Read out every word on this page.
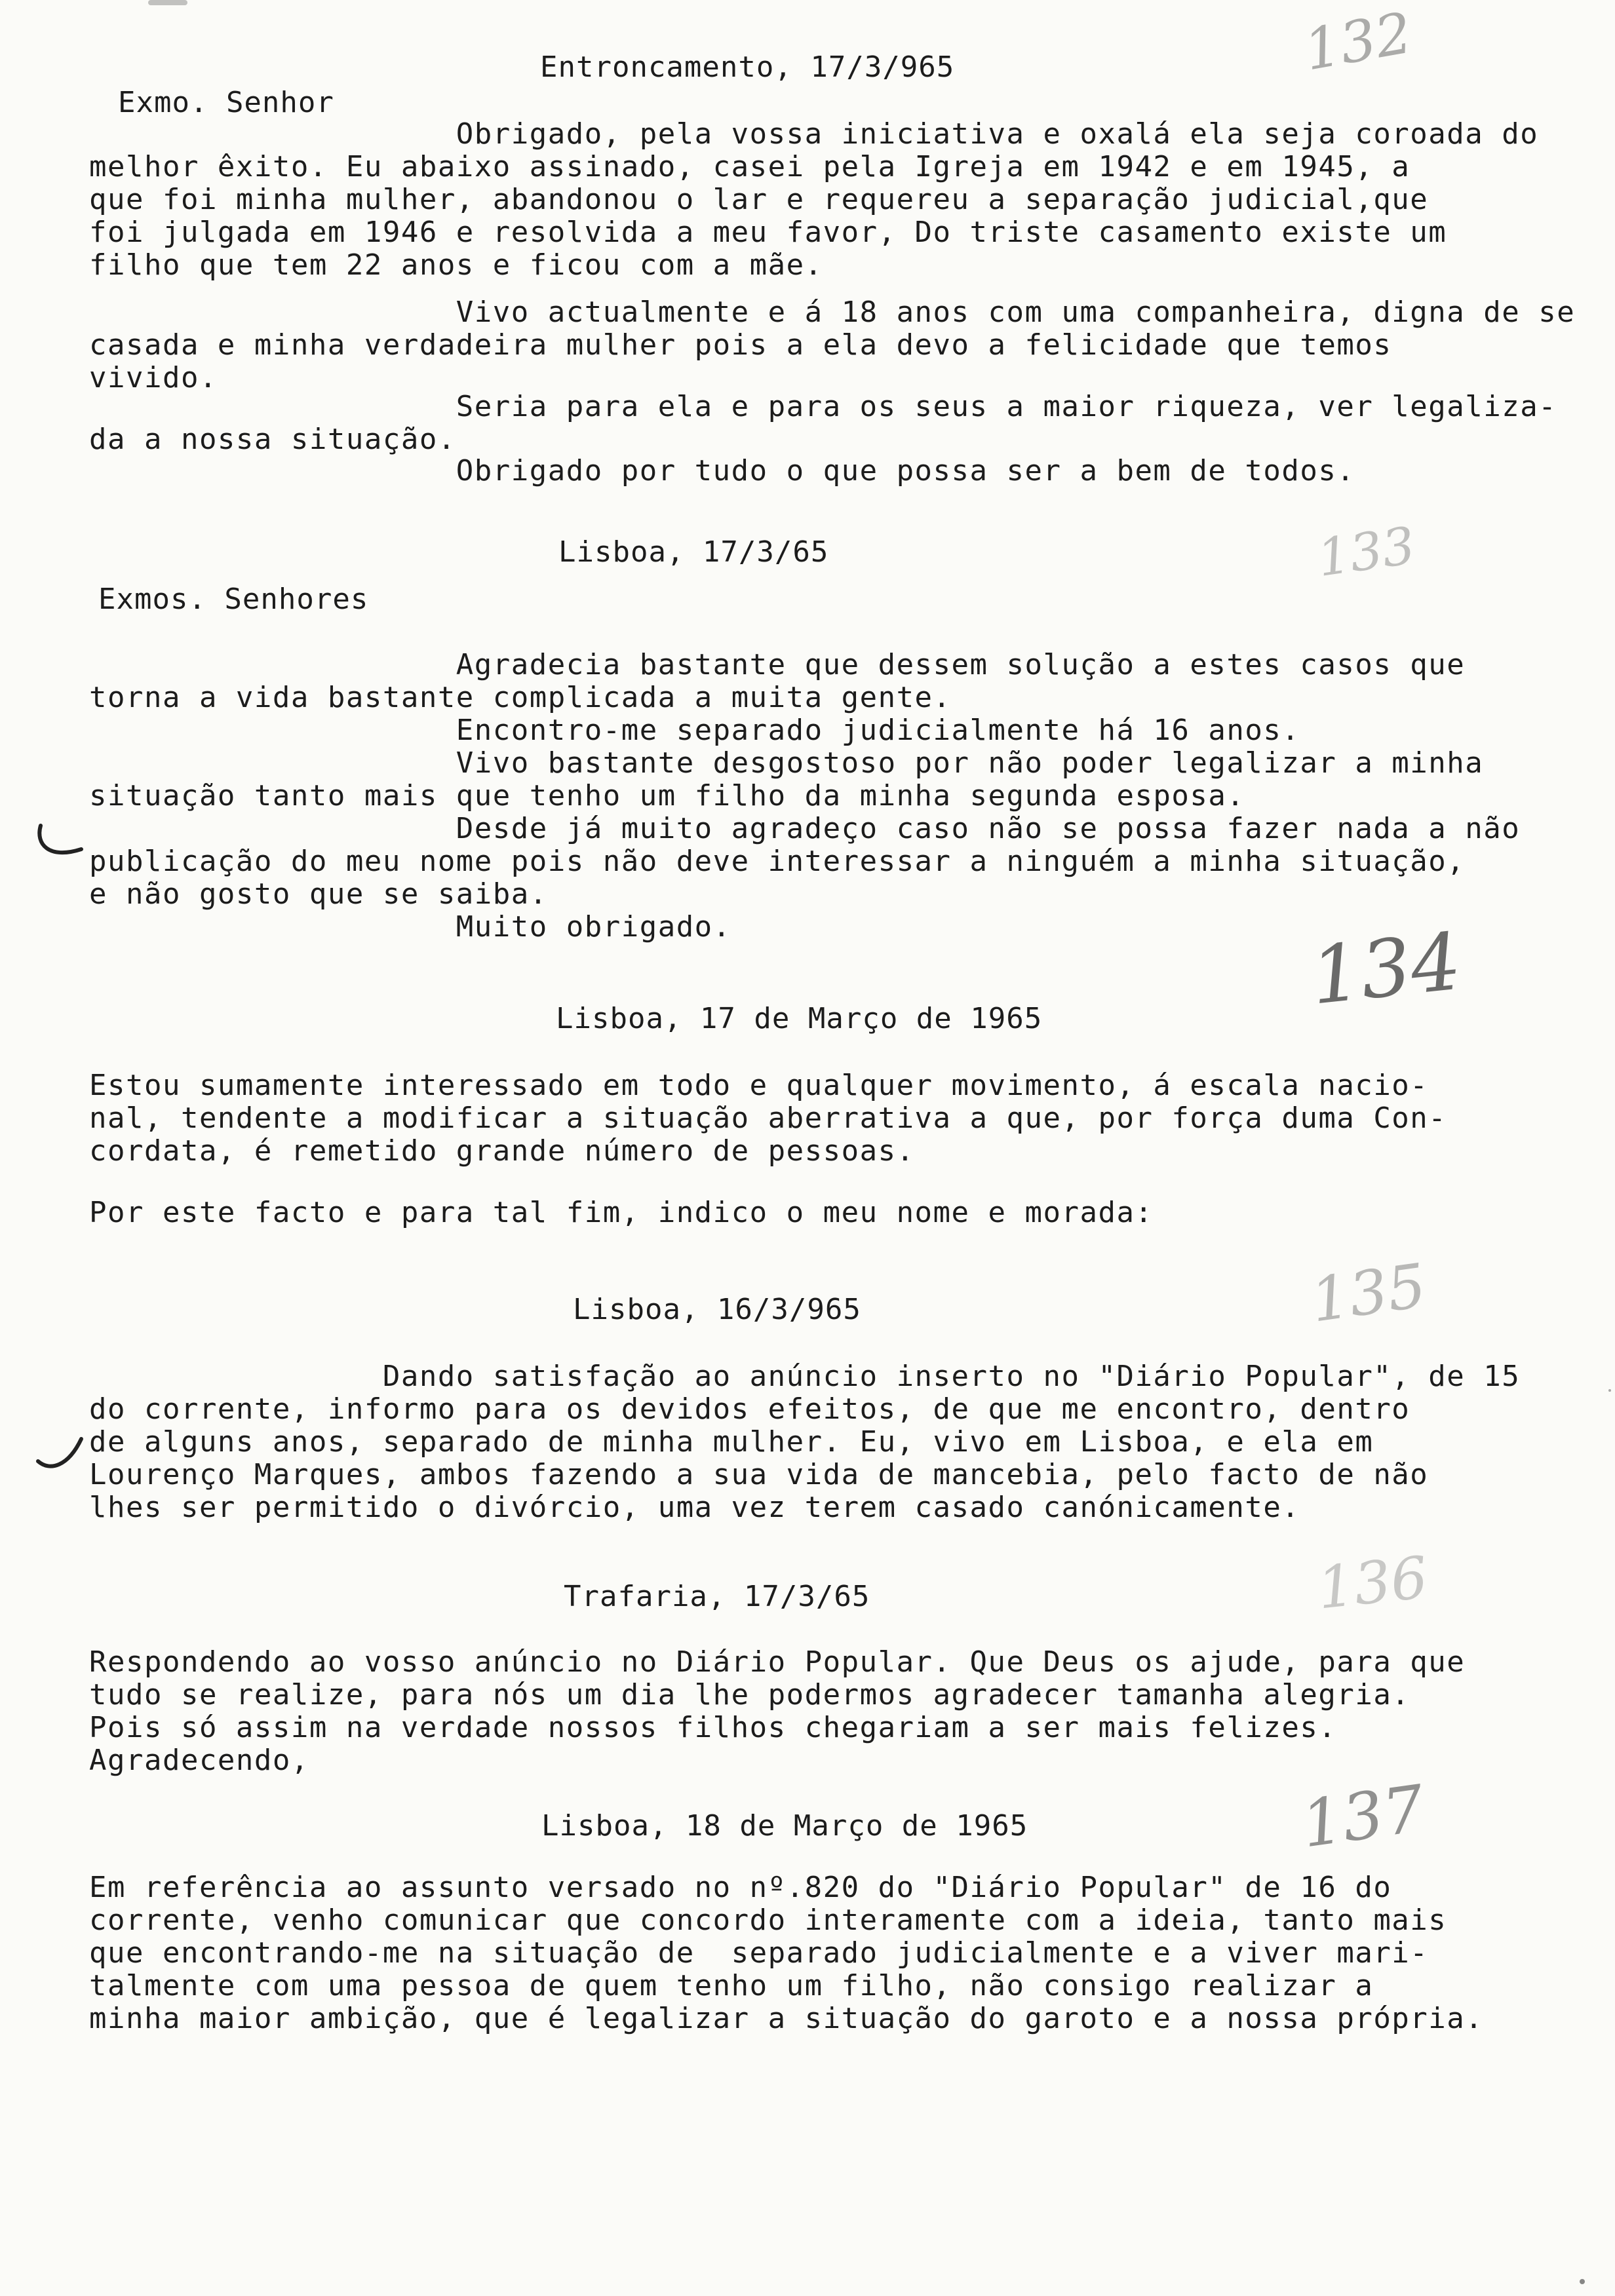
Entroncamento, 17/3/965
Exmo. Senhor
Obrigado, pela vossa iniciativa e oxalá ela seja coroada do
melhor êxito. Eu abaixo assinado, casei pela Igreja em 1942 e em 1945, a
que foi minha mulher, abandonou o lar e requereu a separação judicial,que
foi julgada em 1946 e resolvida a meu favor, Do triste casamento existe um
filho que tem 22 anos e ficou com a mãe.
Vivo actualmente e á 18 anos com uma companheira, digna de se
casada e minha verdadeira mulher pois a ela devo a felicidade que temos
vivido.
Seria para ela e para os seus a maior riqueza, ver legaliza-
da a nossa situação.
Obrigado por tudo o que possa ser a bem de todos.
Lisboa, 17/3/65
Exmos. Senhores
Agradecia bastante que dessem solução a estes casos que
torna a vida bastante complicada a muita gente.
Encontro-me separado judicialmente há 16 anos.
Vivo bastante desgostoso por não poder legalizar a minha
situação tanto mais que tenho um filho da minha segunda esposa.
Desde já muito agradeço caso não se possa fazer nada a não
publicação do meu nome pois não deve interessar a ninguém a minha situação,
e não gosto que se saiba.
Muito obrigado.
Lisboa, 17 de Março de 1965
Estou sumamente interessado em todo e qualquer movimento, á escala nacio-
nal, tendente a modificar a situação aberrativa a que, por força duma Con-
cordata, é remetido grande número de pessoas.
Por este facto e para tal fim, indico o meu nome e morada:
Lisboa, 16/3/965
Dando satisfação ao anúncio inserto no "Diário Popular", de 15
do corrente, informo para os devidos efeitos, de que me encontro, dentro
de alguns anos, separado de minha mulher. Eu, vivo em Lisboa, e ela em
Lourenço Marques, ambos fazendo a sua vida de mancebia, pelo facto de não
lhes ser permitido o divórcio, uma vez terem casado canónicamente.
Trafaria, 17/3/65
Respondendo ao vosso anúncio no Diário Popular. Que Deus os ajude, para que
tudo se realize, para nós um dia lhe podermos agradecer tamanha alegria.
Pois só assim na verdade nossos filhos chegariam a ser mais felizes.
Agradecendo,
Lisboa, 18 de Março de 1965
Em referência ao assunto versado no nº.820 do "Diário Popular" de 16 do
corrente, venho comunicar que concordo interamente com a ideia, tanto mais
que encontrando-me na situação de  separado judicialmente e a viver mari-
talmente com uma pessoa de quem tenho um filho, não consigo realizar a
minha maior ambição, que é legalizar a situação do garoto e a nossa própria.
132
133
134
135
136
137
